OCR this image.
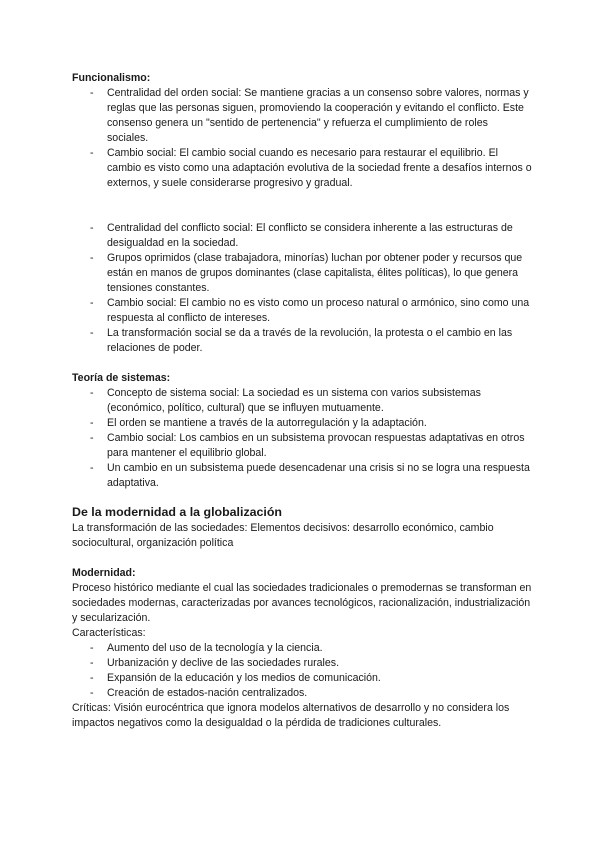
Funcionalismo:

- Centralidad del orden social: Se mantiene gracias a un consenso sobre valores, normas y reglas que las personas siguen, promoviendo la cooperación y evitando el conflicto. Este consenso genera un "sentido de pertenencia" y refuerza el cumplimiento de roles sociales.
- Cambio social: El cambio social cuando es necesario para restaurar el equilibrio. El cambio es visto como una adaptación evolutiva de la sociedad frente a desafíos internos o externos, y suele considerarse progresivo y gradual.
- Centralidad del conflicto social: El conflicto se considera inherente a las estructuras de desigualdad en la sociedad.
- Grupos oprimidos (clase trabajadora, minorías) luchan por obtener poder y recursos que están en manos de grupos dominantes (clase capitalista, élites políticas), lo que genera tensiones constantes.
- Cambio social: El cambio no es visto como un proceso natural o armónico, sino como una respuesta al conflicto de intereses.
- La transformación social se da a través de la revolución, la protesta o el cambio en las relaciones de poder.

Teoría de sistemas:

- Concepto de sistema social: La sociedad es un sistema con varios subsistemas (económico, político, cultural) que se influyen mutuamente.
- El orden se mantiene a través de la autorregulación y la adaptación.
- Cambio social: Los cambios en un subsistema provocan respuestas adaptativas en otros para mantener el equilibrio global.
- Un cambio en un subsistema puede desencadenar una crisis si no se logra una respuesta adaptativa.

De la modernidad a la globalización

La transformación de las sociedades: Elementos decisivos: desarrollo económico, cambio sociocultural, organización política

Modernidad:

Proceso histórico mediante el cual las sociedades tradicionales o premodernas se transforman en sociedades modernas, caracterizadas por avances tecnológicos, racionalización, industrialización y secularización.

Características:

- Aumento del uso de la tecnología y la ciencia.
- Urbanización y declive de las sociedades rurales.
- Expansión de la educación y los medios de comunicación.
- Creación de estados-nación centralizados.

Críticas: Visión eurocéntrica que ignora modelos alternativos de desarrollo y no considera los impactos negativos como la desigualdad o la pérdida de tradiciones culturales.
